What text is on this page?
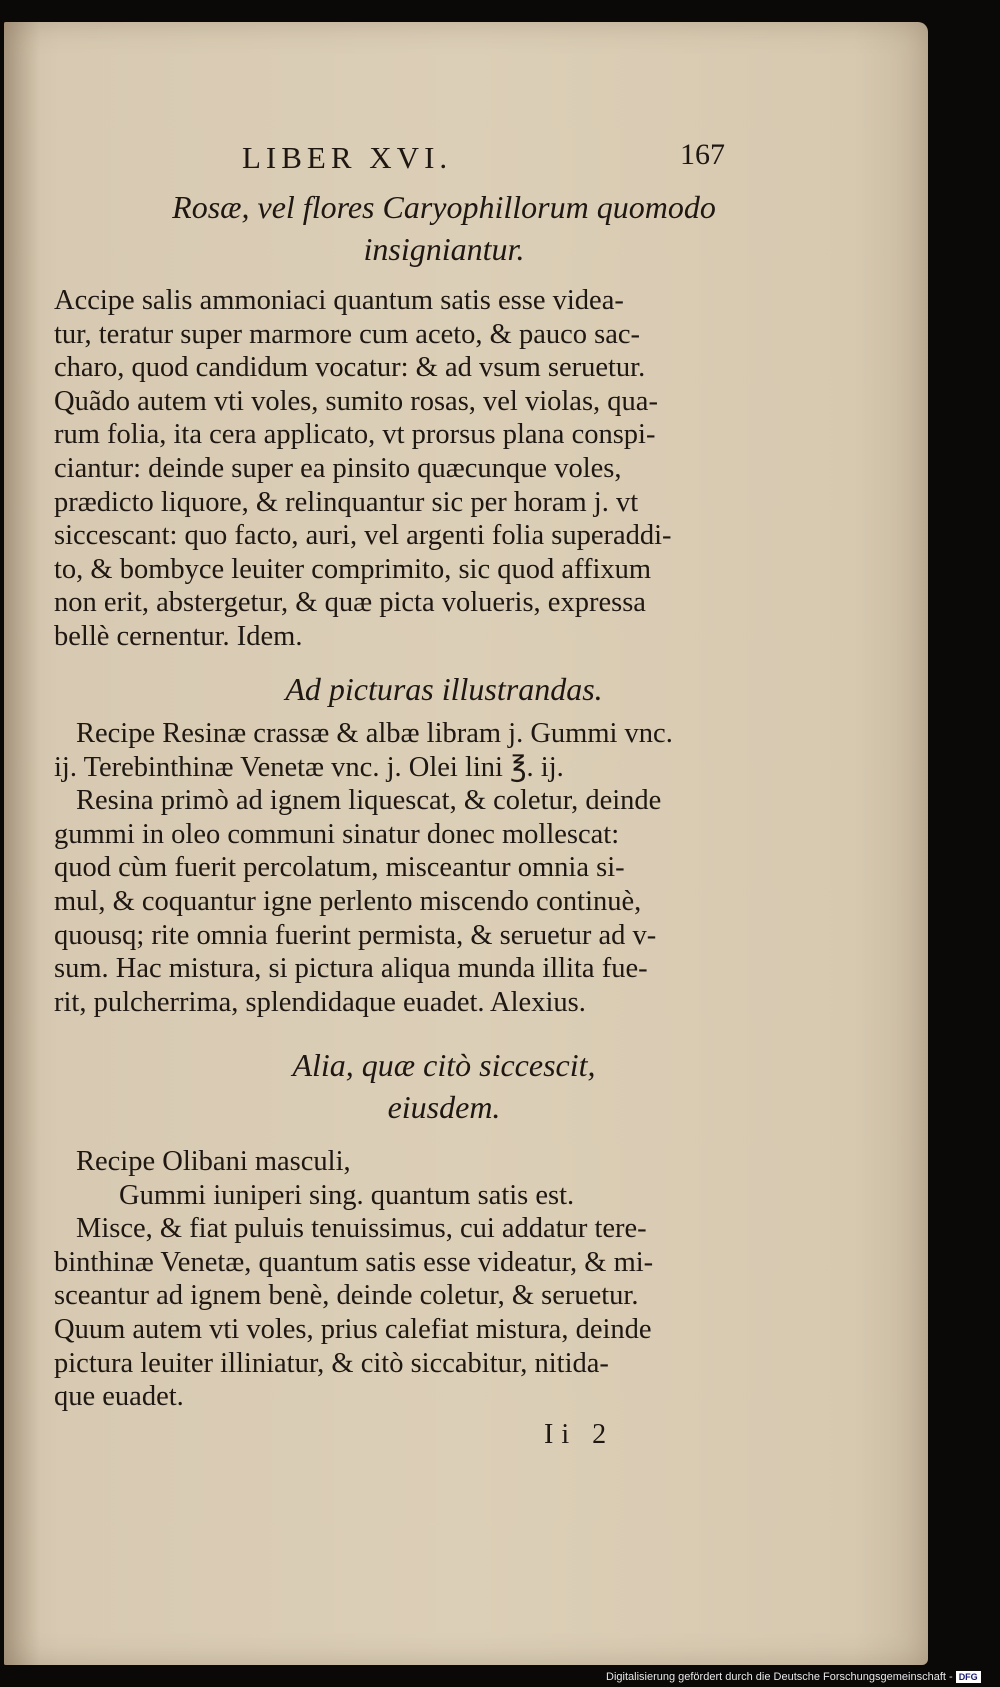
LIBER XVI.	167
Rosæ, vel flores Caryophillorum quomodo
insigniantur.
Accipe salis ammoniaci quantum satis esse videa-
tur, teratur super marmore cum aceto, & pauco sac-
charo, quod candidum vocatur: & ad vsum seruetur.
Quãdo autem vti voles, sumito rosas, vel violas, qua-
rum folia, ita cera applicato, vt prorsus plana conspi-
ciantur: deinde super ea pinsito quæcunque voles,
prædicto liquore, & relinquantur sic per horam j. vt
siccescant: quo facto, auri, vel argenti folia superaddi-
to, & bombyce leuiter comprimito, sic quod affixum
non erit, abstergetur, & quæ picta volueris, expressa
bellè cernentur. Idem.
Ad picturas illustrandas.
Recipe Resinæ crassæ & albæ libram j. Gummi vnc.
ij. Terebinthinæ Venetæ vnc. j. Olei lini ℥. ij.
Resina primò ad ignem liquescat, & coletur, deinde
gummi in oleo communi sinatur donec mollescat:
quod cùm fuerit percolatum, misceantur omnia si-
mul, & coquantur igne perlento miscendo continuè,
quousq; rite omnia fuerint permista, & seruetur ad v-
sum. Hac mistura, si pictura aliqua munda illita fue-
rit, pulcherrima, splendidaque euadet. Alexius.
Alia, quæ citò siccescit,
eiusdem.
Recipe Olibani masculi,
Gummi iuniperi sing. quantum satis est.
Misce, & fiat puluis tenuissimus, cui addatur tere-
binthinæ Venetæ, quantum satis esse videatur, & mi-
sceantur ad ignem benè, deinde coletur, & seruetur.
Quum autem vti voles, prius calefiat mistura, deinde
pictura leuiter illiniatur, & citò siccabitur, nitida-
que euadet.
Ii 2
Digitalisierung gefördert durch die Deutsche Forschungsgemeinschaft - DFG
